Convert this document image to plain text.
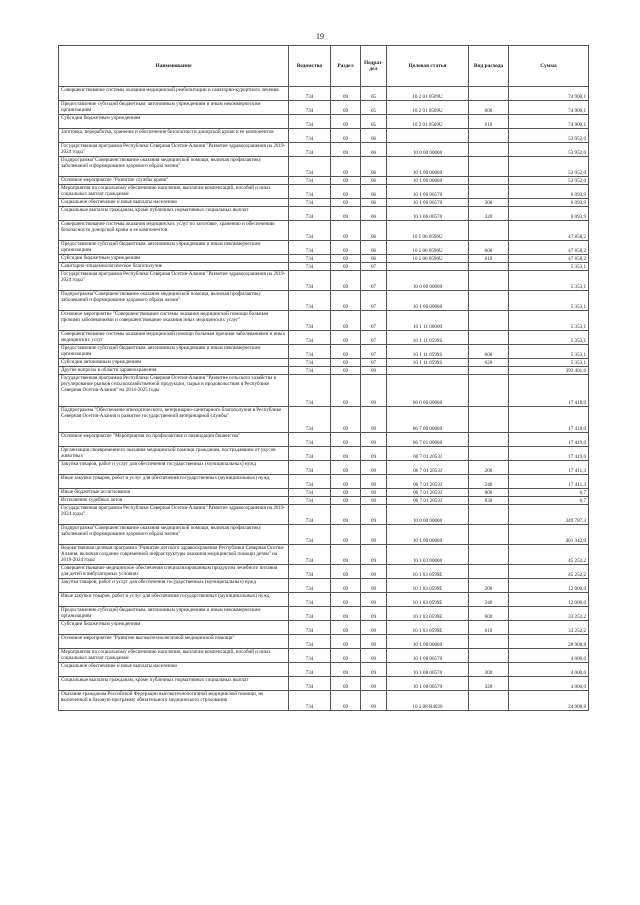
19
Наименование	Ведомство	Раздел	Подраз-дел	Целевая статья	Вид расхода	Сумма
Совершенствование системы оказания медицинской реабилитации и санаторно-курортного лечения	734	09	05	10 2 01 0509U		74 900,1
Предоставление субсидий бюджетным, автономным учреждениям и иным некоммерческим организациям	734	09	05	10 2 01 0509U	600	74 900,1
Субсидии бюджетным учреждениям	734	09	05	10 2 01 0509U	610	74 900,1
Заготовка, переработка, хранение и обеспечение безопасности донорской крови и ее компонентов	734	09	06			53 952,0
Государственная программа Республики Северная Осетия-Алания "Развитие здравоохранения на 2019-2024 годы"	734	09	06	10 0 00 00000		53 952,0
Подпрограмма"Совершенствование оказания медицинской помощи, включая профилактику заболеваний и формирование здорового образа жизни"	734	09	06	10 1 00 00000		53 952,0
Основное мероприятие "Развитие службы крови"	734	09	06	10 1 06 00000		53 952,0
Мероприятия по социальному обеспечению населения, выплатам компенсаций, пособий и иных социальных выплат гражданам	734	09	06	10 1 06 00570		6 093,9
Социальное обеспечение и иные выплаты населению	734	09	06	10 1 06 00570	300	6 093,9
Социальные выплаты гражданам, кроме публичных нормативных социальных выплат	734	09	06	10 1 06 00570	320	6 093,9
Совершенствование системы оказания медицинских услуг по заготовке, хранению и обеспечению безопасности донорской крови и ее компонентов	734	09	06	10 1 06 0596U		47 858,2
Предоставление субсидий бюджетным, автономным учреждениям и иным некоммерческим организациям	734	09	06	10 1 06 0596U	600	47 858,2
Субсидии бюджетным учреждениям	734	09	06	10 1 06 0596U	610	47 858,2
Санитарно-эпидемиологическое благополучие	734	09	07			5 353,1
Государственная программа Республики Северная Осетия-Алания "Развитие здравоохранения на 2019-2024 годы"	734	09	07	10 0 00 00000		5 353,1
Подпрограмма"Совершенствование оказания медицинской помощи, включая профилактику заболеваний и формирование здорового образа жизни"	734	09	07	10 1 00 00000		5 353,1
Основное мероприятие "Совершенствование системы оказания медицинской помощи больным прочими заболеваниями и совершенствование оказания иных медицинских услуг"	734	09	07	10 1 11 00000		5 353,1
Совершенствование системы оказания медицинской помощи больным прочими заболеваниями и иных медицинских услуг	734	09	07	10 1 11 0599S		5 353,1
Предоставление субсидий бюджетным, автономным учреждениям и иным некоммерческим организациям	734	09	07	10 1 11 0599S	600	5 353,1
Субсидии автономным учреждениям	734	09	07	10 1 11 0599S	620	5 353,1
Другие вопросы в области здравоохранения	734	09	09			393 401,6
Государственная программа Республики Северная Осетия-Алания "Развитие сельского хозяйства и регулирование рынков сельскохозяйственной продукции, сырья и продовольствия в Республике Северная Осетия-Алания" на 2014-2025 годы	734	09	09	06 0 00 00000		17 418,0
Подпрограмма "Обеспечение эпизоотического, ветеринарно-санитарного благополучия в Республике Северная Осетия-Алания и развитие государственной ветеринарной службы"	734	09	09	06 7 00 00000		17 418,0
Основное мероприятие "Мероприятия по профилактике и ликвидации бешенства"	734	09	09	06 7 01 00000		17 419,0
Организация своевременного оказания медицинской помощи гражданам, пострадавшим от укусов животных	734	09	09	06 7 01 2053J		17 419,0
Закупка товаров, работ и услуг для обеспечения государственных (муниципальных) нужд	734	09	09	06 7 01 2053J	200	17 411,3
Иные закупки товаров, работ и услуг для обеспечения государственных (муниципальных) нужд	734	09	09	06 7 01 2053J	240	17 411,3
Иные бюджетные ассигнования	734	09	09	06 7 01 2053J	800	6,7
Исполнение судебных актов	734	09	09	06 7 01 2053J	830	6,7
Государственная программа Республики Северная Осетия-Алания "Развитие здравоохранения на 2019-2024 годы"	734	09	09	10 0 00 00000		349 787,3
Подпрограмма"Совершенствование оказания медицинской помощи, включая профилактику заболеваний и формирование здорового образа жизни"	734	09	09	10 1 00 00000		401 342,0
Ведомственная целевая программа "Развитие детского здравоохранения Республики Северная Осетия-Алания, включая создание современной инфраструктуры оказания медицинской помощи детям" на 2019-2024 годы	734	09	09	10 1 03 00000		45 252,2
Совершенствование медицинское обеспечения специализированным продуктом лечебного питания для детей в амбулаторных условиях	734	09	09	10 1 03 0599E		45 252,2
Закупка товаров, работ и услуг для обеспечения государственных (муниципальных) нужд	734	09	09	10 1 03 0599E	200	12 000,0
Иные закупки товаров, работ и услуг для обеспечения государственных (муниципальных) нужд	734	09	09	10 1 03 0599E	240	12 000,0
Предоставление субсидий бюджетным, автономным учреждениям и иным некоммерческим организациям	734	09	09	10 1 03 0599E	600	33 252,2
Субсидии бюджетным учреждениям	734	09	09	10 1 03 0599E	610	33 252,2
Основное мероприятие "Развитие высокотехнологичной медицинской помощи"	734	09	09	10 1 08 00000		28 908,8
Мероприятия по социальному обеспечению населения, выплатам компенсаций, пособий и иных социальных выплат гражданам	734	09	09	10 1 08 00570		4 000,0
Социальное обеспечение и иные выплаты населению	734	09	09	10 1 08 00570	300	4 000,0
Социальные выплаты гражданам, кроме публичных нормативных социальных выплат	734	09	09	10 1 08 00570	320	4 000,0
Оказание гражданам Российской Федерации высокотехнологичной медицинской помощи, не включенной в базовую программу обязательного медицинского страхования	734	09	09	10 1 08 R4020		24 908,8
